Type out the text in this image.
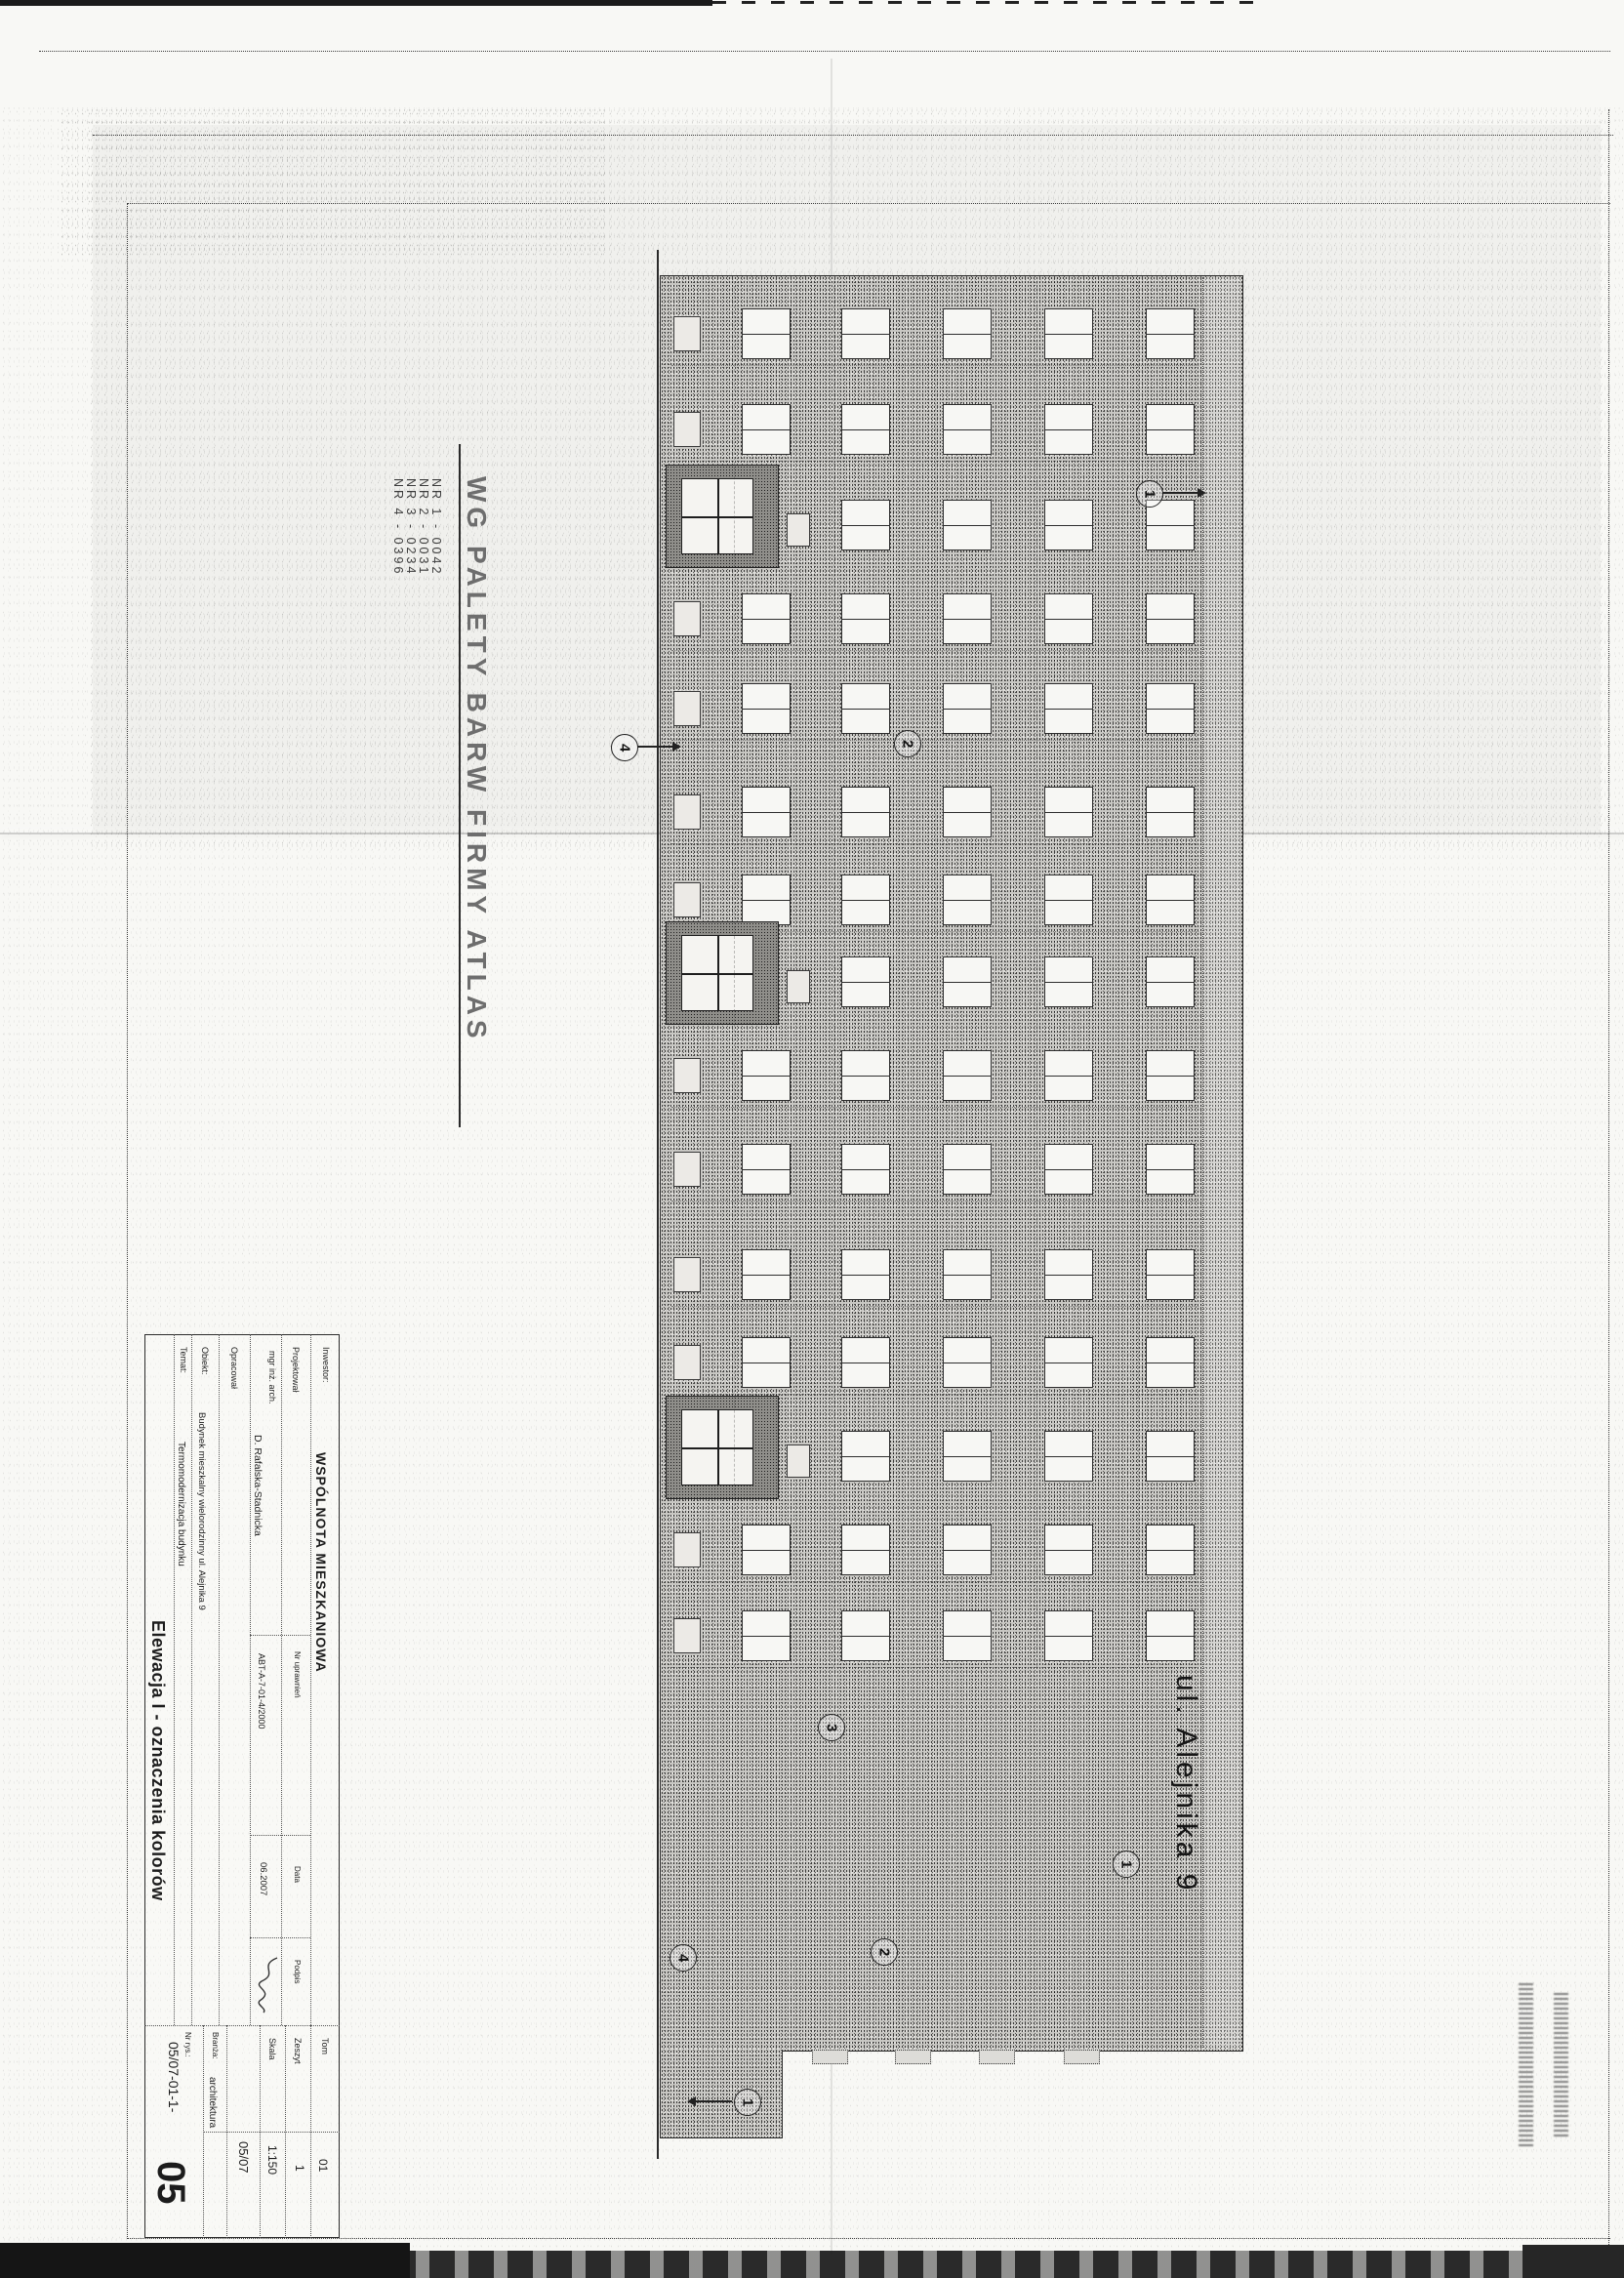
WG PALETY BARW FIRMY ATLAS
NR 1 - 0042
NR 2 - 0031
NR 3 - 0234
NR 4 - 0396	1
2
4
3
1
2
4
1
ul. Alejnika 9
Inwestor:
WSPÓLNOTA MIESZKANIOWA
Projektował
mgr inż. arch.
D. Rafalska-Stadnicka
Nr uprawnień
ABT-A-7-01-4/2000
Data
06.2007
Podpis
Opracował
Obiekt:
Budynek mieszkalny wielorodzinny ul. Alejnika 9
Temat:
Termomodernizacja budynku
Elewacja I - oznaczenia kolorów
Tom
01
Zeszyt
1
Skala
1:150
05/07
Branża:
architektura
Nr rys.:
05/07-01-1-
05
